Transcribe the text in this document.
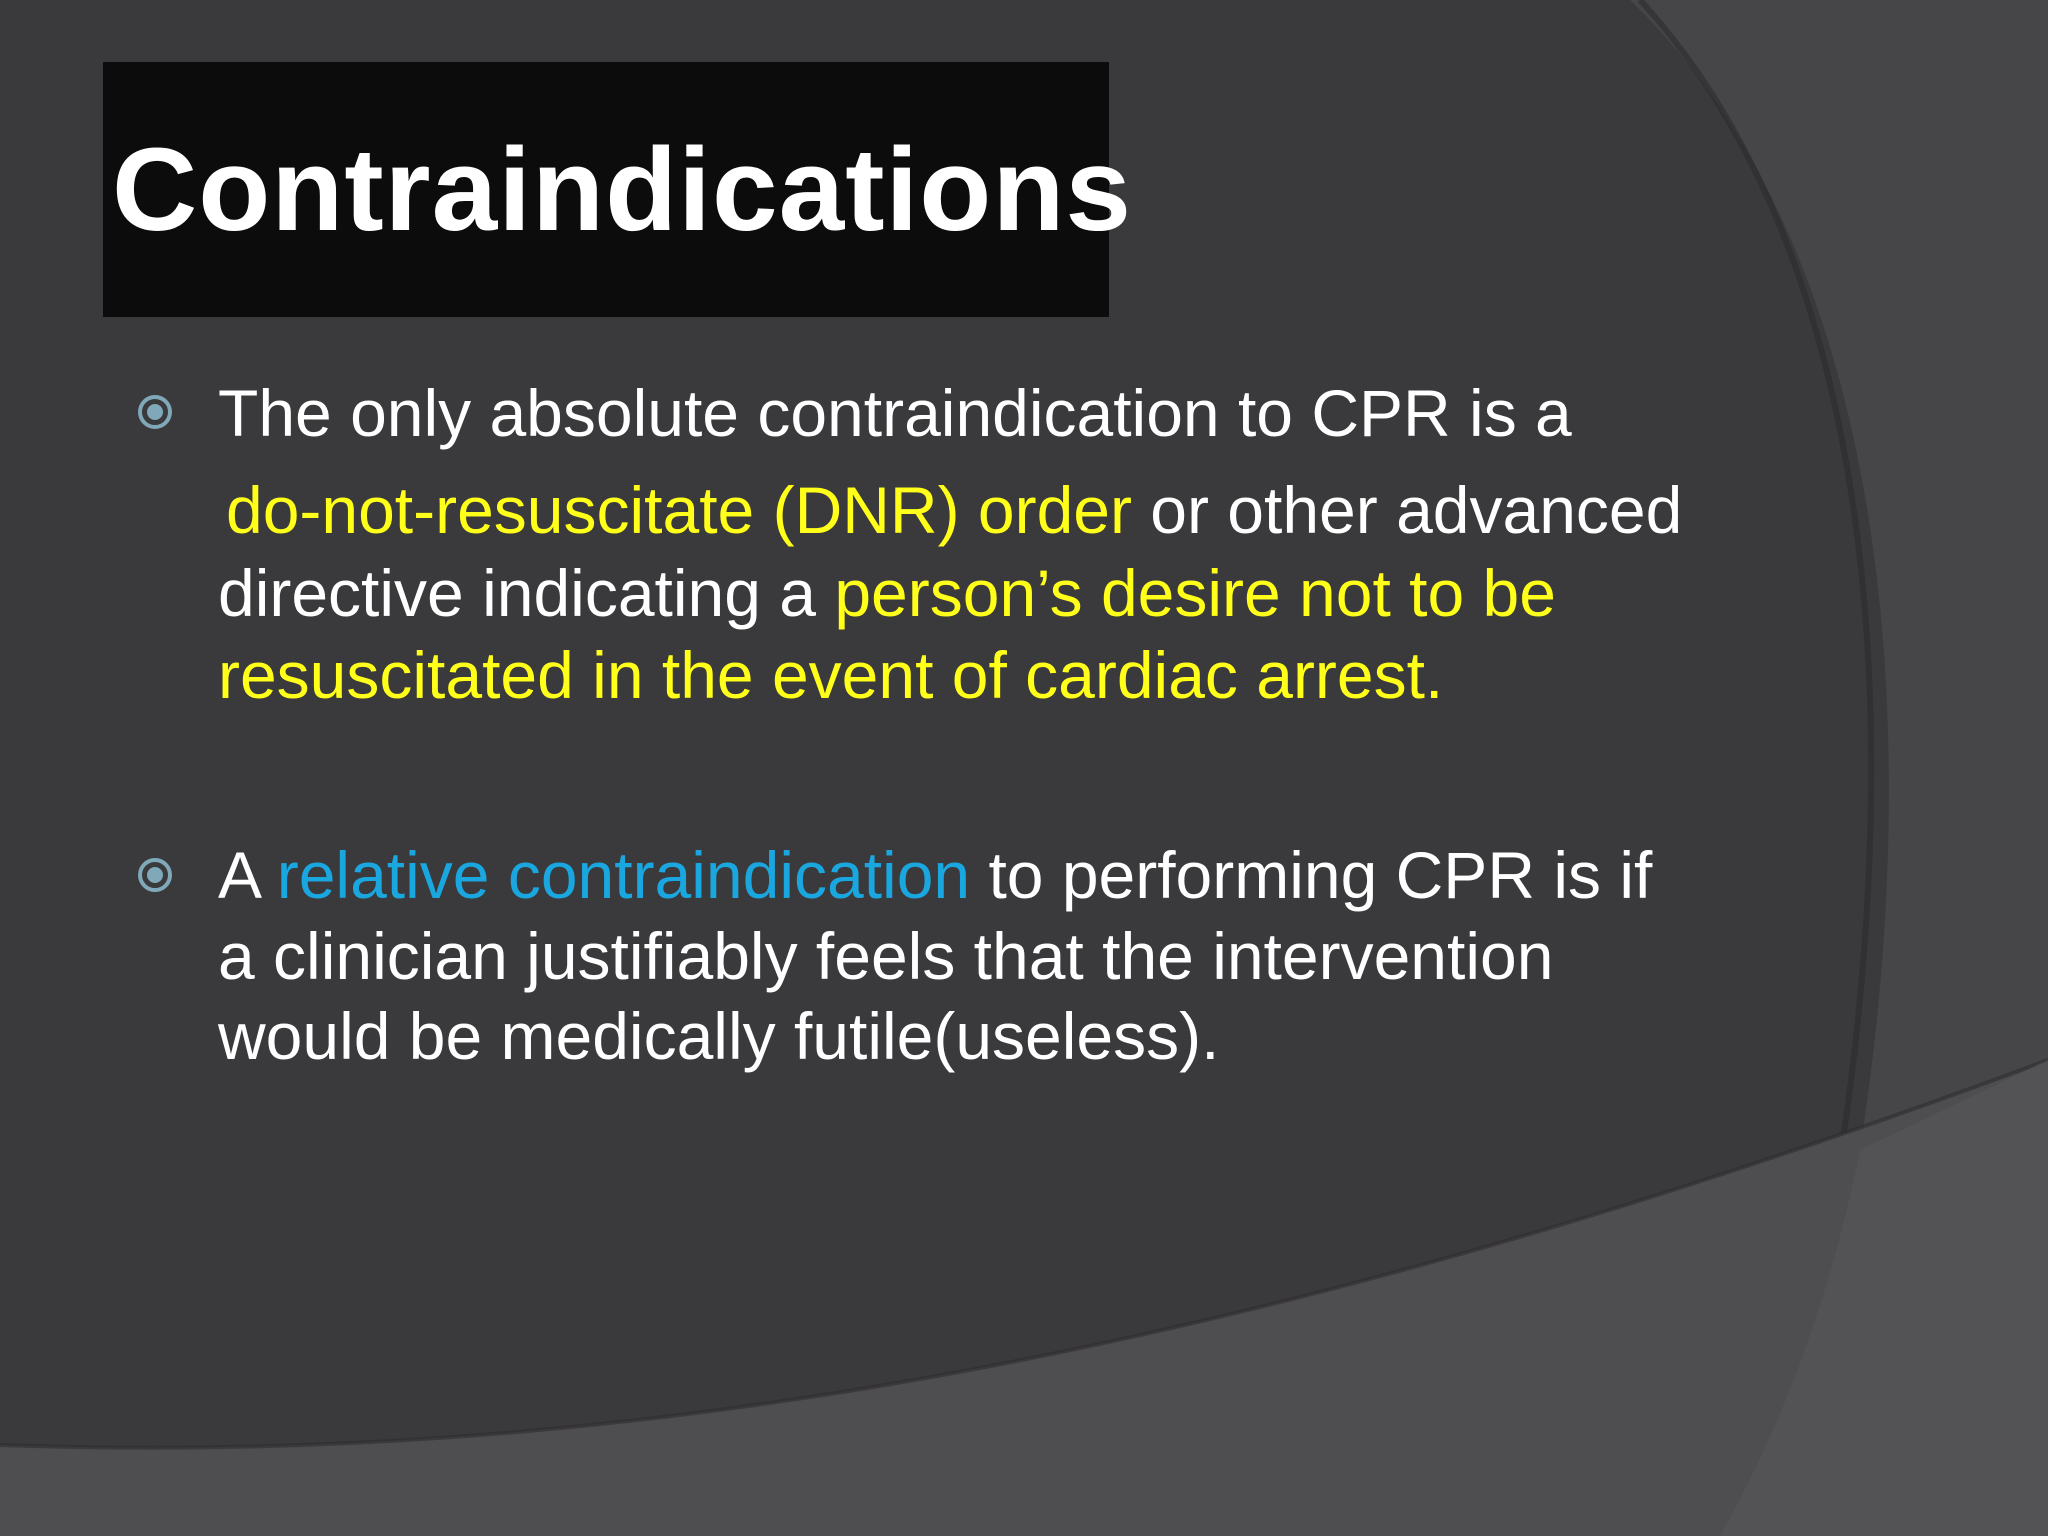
Contraindications
The only absolute contraindication to CPR is a
do-not-resuscitate (DNR) order or other advanced
directive indicating a person’s desire not to be
resuscitated in the event of cardiac arrest.
A relative contraindication to performing CPR is if
a clinician justifiably feels that the intervention
would be medically futile(useless).
